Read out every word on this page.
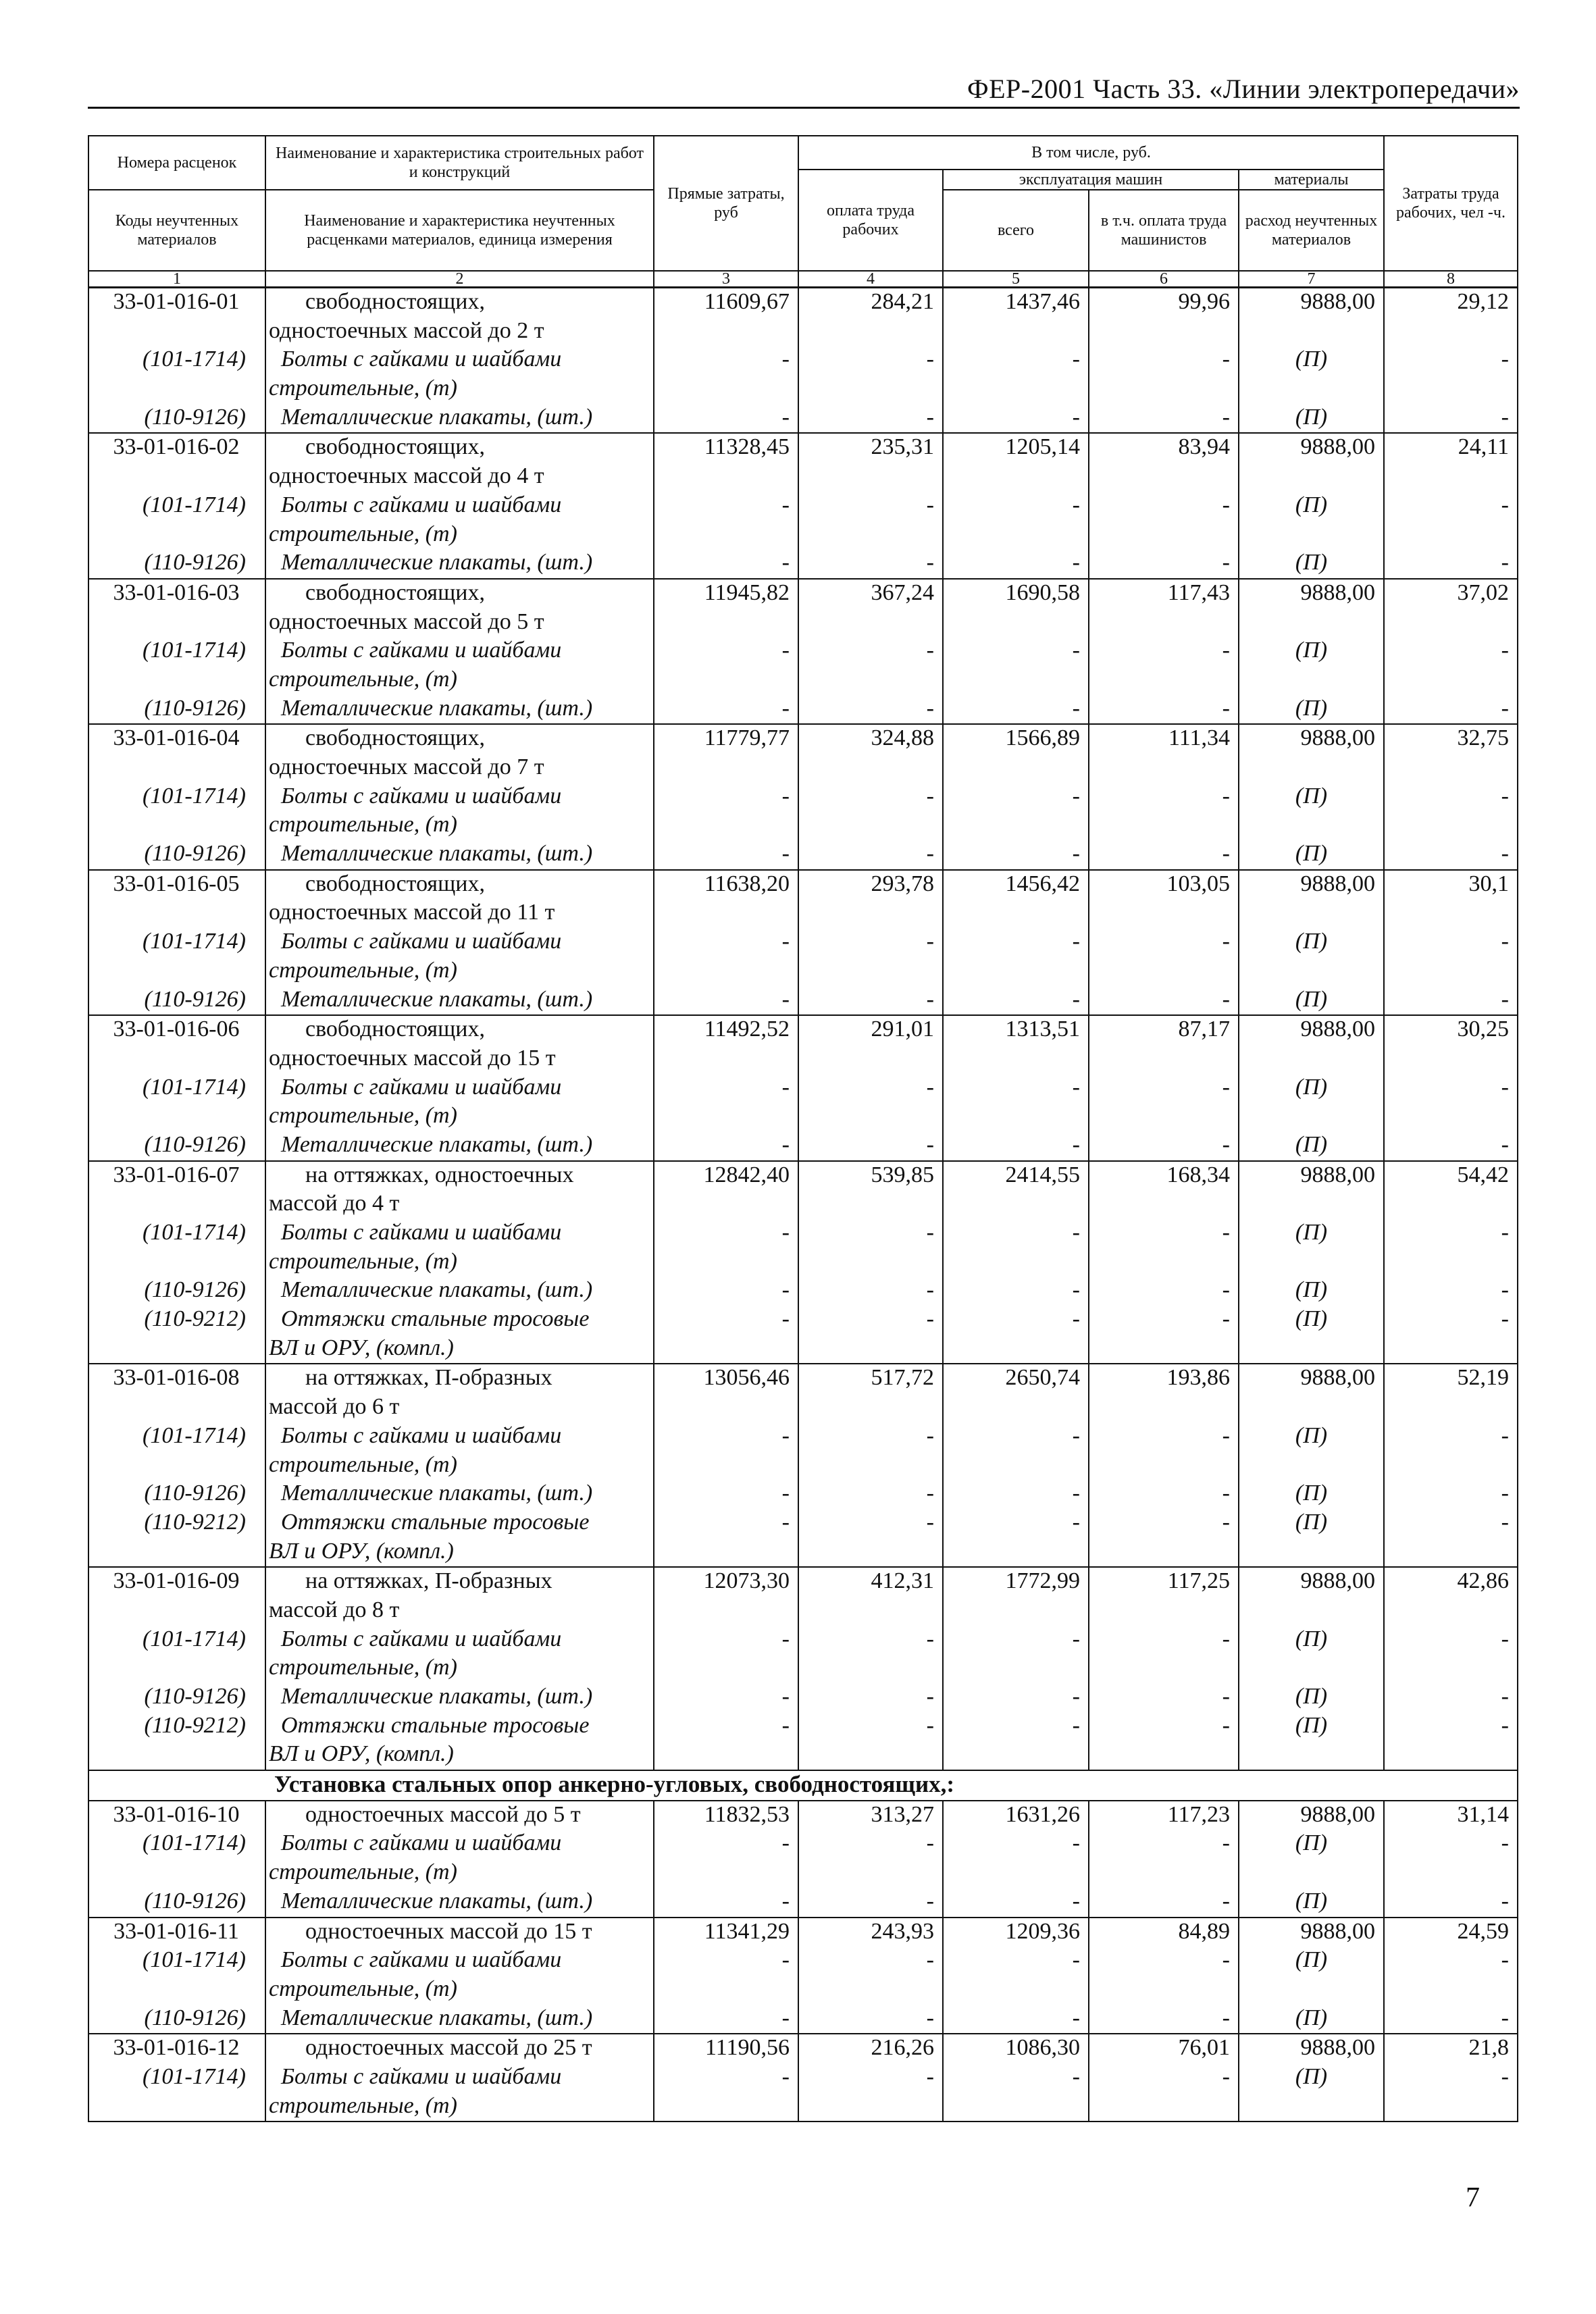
ФЕР-2001 Часть 33. «Линии электропередачи»
Номера расценок	Наименование и характеристика строительных работ и конструкций	Прямые затраты, руб	В том числе, руб.				Затраты труда рабочих, чел -ч.
			оплата труда рабочих	эксплуатация машин		материалы	
Коды неучтенных материалов	Наименование и характеристика неучтенных расценками материалов, единица измерения			всего	в т.ч. оплата труда машинистов	расход неучтенных материалов	

1	2	3	4	5	6	7	8
33-01-016-01	свободностоящих,	11609,67	284,21	1437,46	99,96	9888,00	29,12
	одностоечных массой до 2 т						
(101-1714)	Болты с гайками и шайбами	-	-	-	-	(П)	-
	строительные, (т)						
(110-9126)	Металлические плакаты, (шт.)	-	-	-	-	(П)	-
33-01-016-02	свободностоящих,	11328,45	235,31	1205,14	83,94	9888,00	24,11
	одностоечных массой до 4 т						
(101-1714)	Болты с гайками и шайбами	-	-	-	-	(П)	-
	строительные, (т)						
(110-9126)	Металлические плакаты, (шт.)	-	-	-	-	(П)	-
33-01-016-03	свободностоящих,	11945,82	367,24	1690,58	117,43	9888,00	37,02
	одностоечных массой до 5 т						
(101-1714)	Болты с гайками и шайбами	-	-	-	-	(П)	-
	строительные, (т)						
(110-9126)	Металлические плакаты, (шт.)	-	-	-	-	(П)	-
33-01-016-04	свободностоящих,	11779,77	324,88	1566,89	111,34	9888,00	32,75
	одностоечных массой до 7 т						
(101-1714)	Болты с гайками и шайбами	-	-	-	-	(П)	-
	строительные, (т)						
(110-9126)	Металлические плакаты, (шт.)	-	-	-	-	(П)	-
33-01-016-05	свободностоящих,	11638,20	293,78	1456,42	103,05	9888,00	30,1
	одностоечных массой до 11 т						
(101-1714)	Болты с гайками и шайбами	-	-	-	-	(П)	-
	строительные, (т)						
(110-9126)	Металлические плакаты, (шт.)	-	-	-	-	(П)	-
33-01-016-06	свободностоящих,	11492,52	291,01	1313,51	87,17	9888,00	30,25
	одностоечных массой до 15 т						
(101-1714)	Болты с гайками и шайбами	-	-	-	-	(П)	-
	строительные, (т)						
(110-9126)	Металлические плакаты, (шт.)	-	-	-	-	(П)	-
33-01-016-07	на оттяжках, одностоечных	12842,40	539,85	2414,55	168,34	9888,00	54,42
	массой до 4 т						
(101-1714)	Болты с гайками и шайбами	-	-	-	-	(П)	-
	строительные, (т)						
(110-9126)	Металлические плакаты, (шт.)	-	-	-	-	(П)	-
(110-9212)	Оттяжки стальные тросовые	-	-	-	-	(П)	-
	ВЛ и ОРУ, (компл.)						
33-01-016-08	на оттяжках, П-образных	13056,46	517,72	2650,74	193,86	9888,00	52,19
	массой до 6 т						
(101-1714)	Болты с гайками и шайбами	-	-	-	-	(П)	-
	строительные, (т)						
(110-9126)	Металлические плакаты, (шт.)	-	-	-	-	(П)	-
(110-9212)	Оттяжки стальные тросовые	-	-	-	-	(П)	-
	ВЛ и ОРУ, (компл.)						
33-01-016-09	на оттяжках, П-образных	12073,30	412,31	1772,99	117,25	9888,00	42,86
	массой до 8 т						
(101-1714)	Болты с гайками и шайбами	-	-	-	-	(П)	-
	строительные, (т)						
(110-9126)	Металлические плакаты, (шт.)	-	-	-	-	(П)	-
(110-9212)	Оттяжки стальные тросовые	-	-	-	-	(П)	-
	ВЛ и ОРУ, (компл.)						
Установка стальных опор анкерно-угловых, свободностоящих,:							
33-01-016-10	одностоечных массой до 5 т	11832,53	313,27	1631,26	117,23	9888,00	31,14
(101-1714)	Болты с гайками и шайбами	-	-	-	-	(П)	-
	строительные, (т)						
(110-9126)	Металлические плакаты, (шт.)	-	-	-	-	(П)	-
33-01-016-11	одностоечных массой до 15 т	11341,29	243,93	1209,36	84,89	9888,00	24,59
(101-1714)	Болты с гайками и шайбами	-	-	-	-	(П)	-
	строительные, (т)						
(110-9126)	Металлические плакаты, (шт.)	-	-	-	-	(П)	-
33-01-016-12	одностоечных массой до 25 т	11190,56	216,26	1086,30	76,01	9888,00	21,8
(101-1714)	Болты с гайками и шайбами	-	-	-	-	(П)	-
	строительные, (т)						
7
